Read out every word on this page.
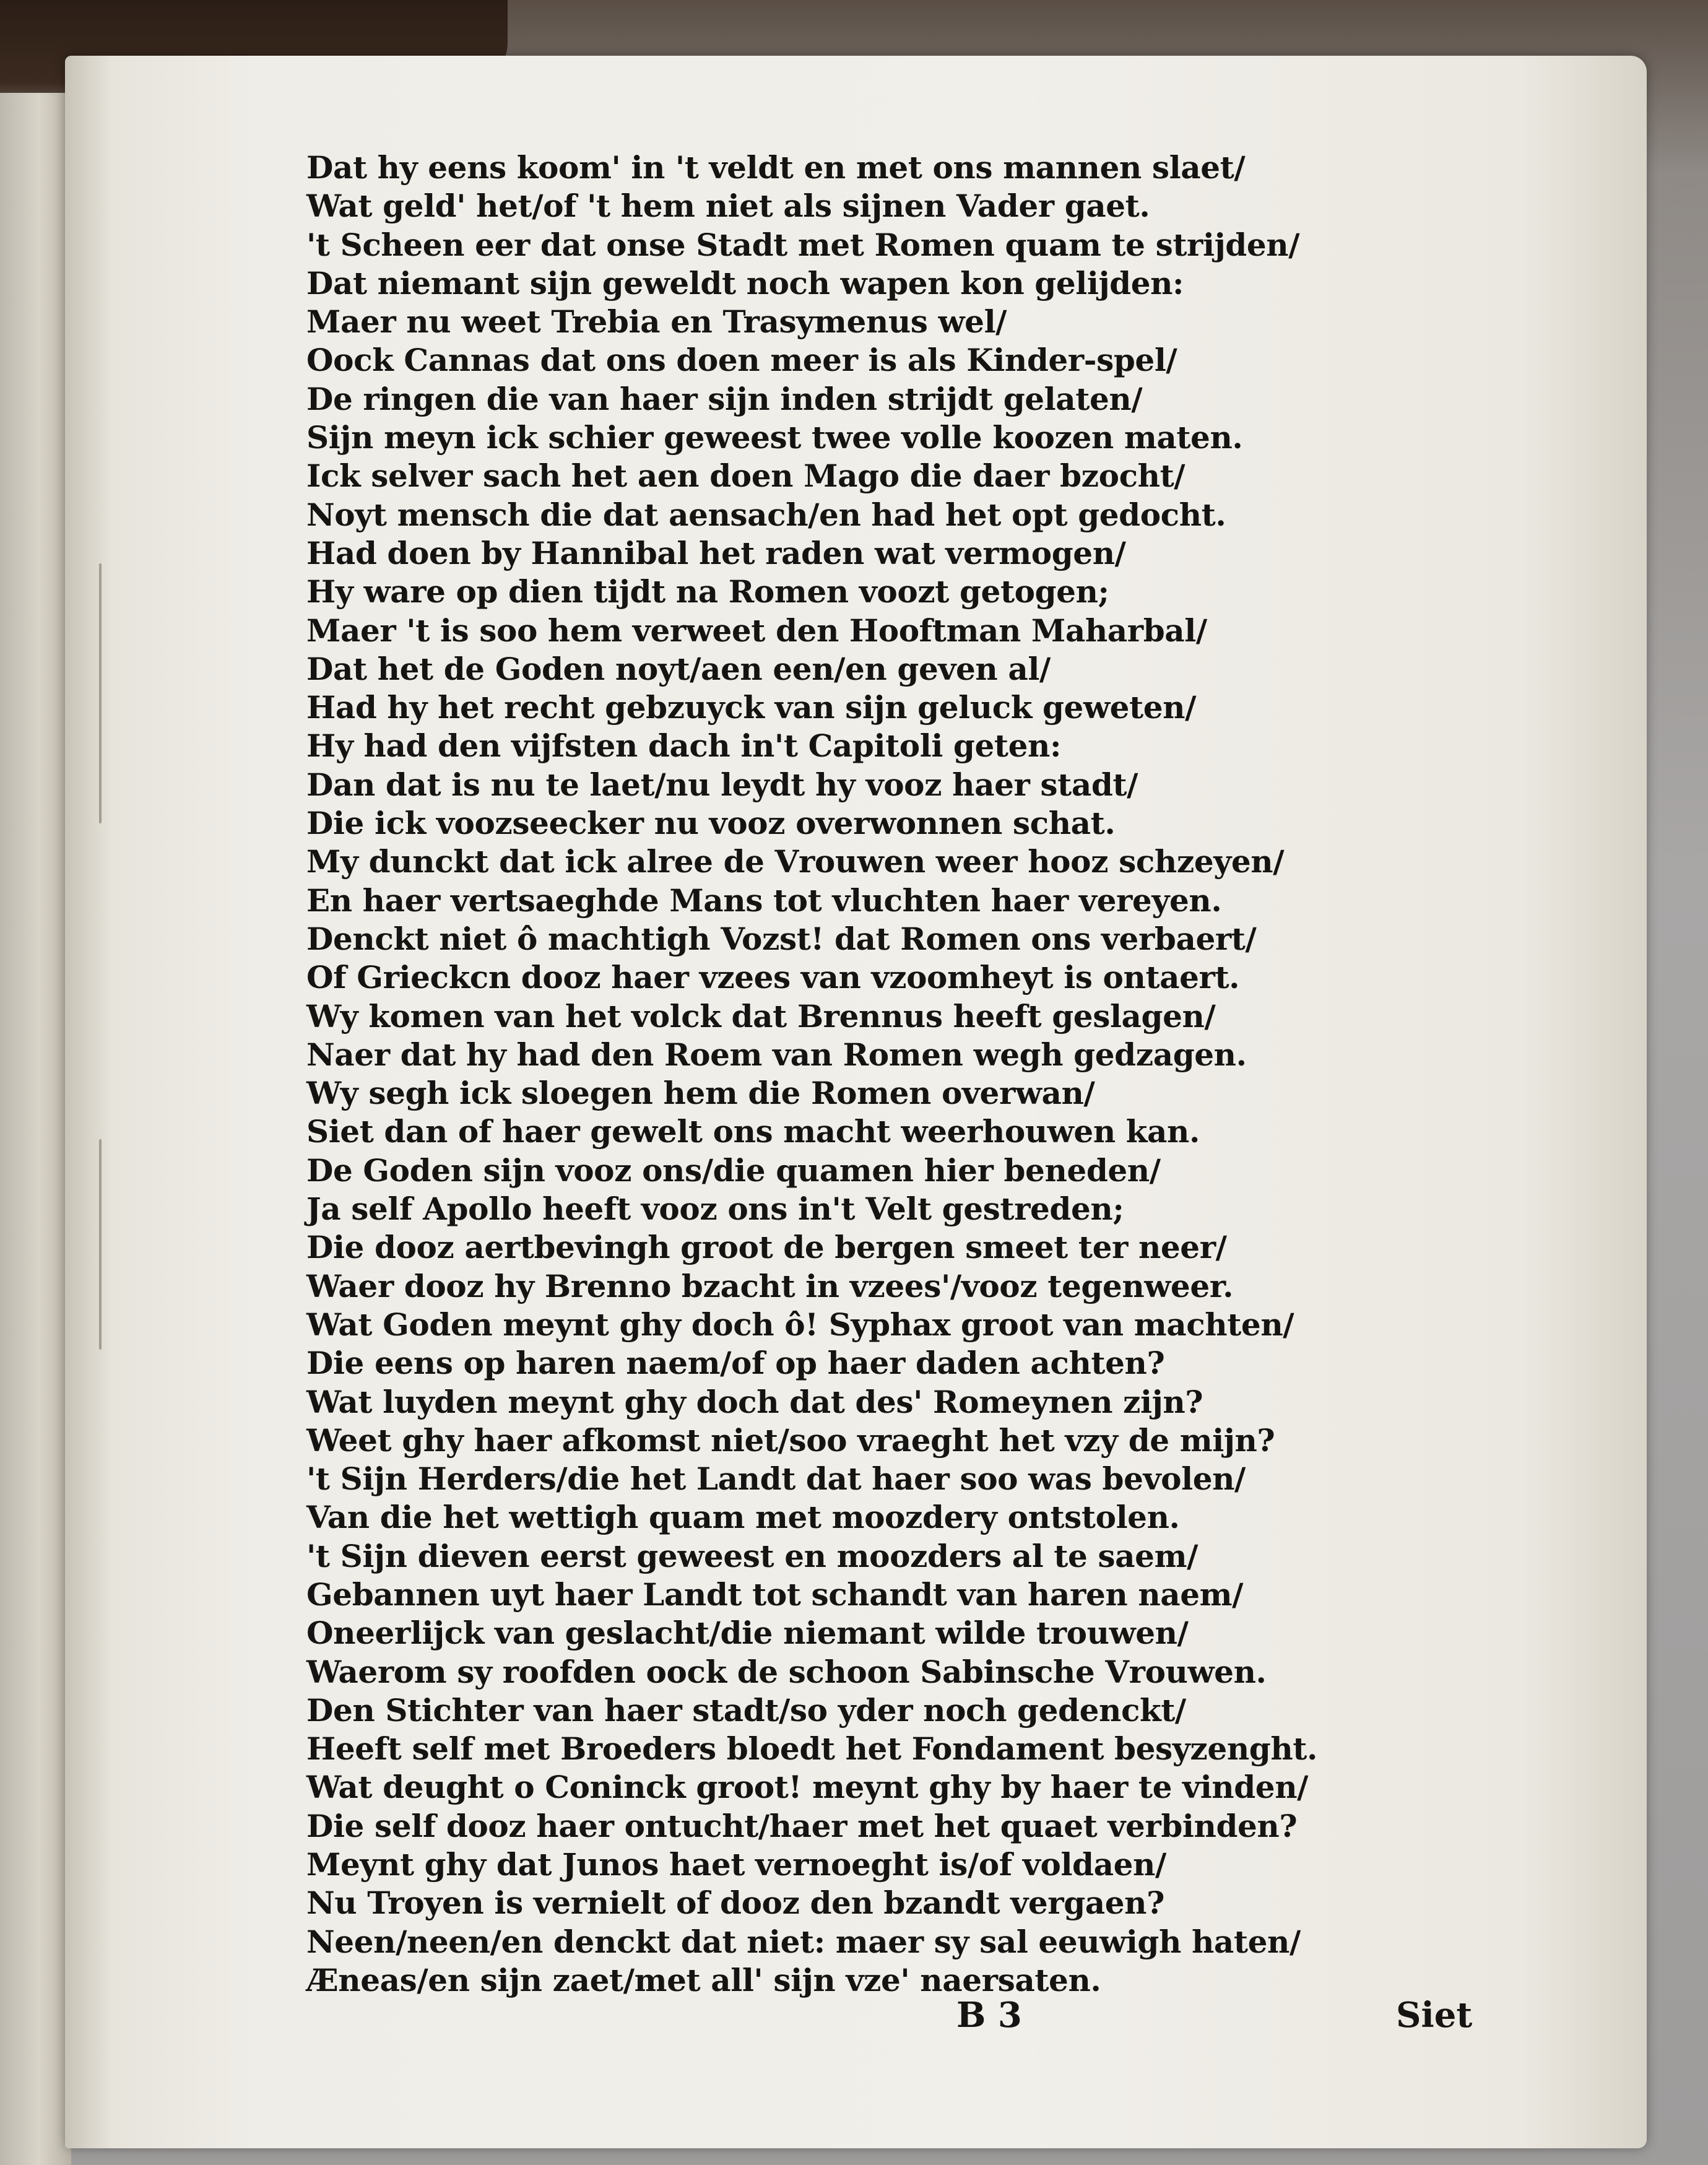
Dat hy eens koom' in 't veldt en met ons mannen slaet/
Wat geld' het/of 't hem niet als sijnen Vader gaet.
't Scheen eer dat onse Stadt met Romen quam te strijden/
Dat niemant sijn geweldt noch wapen kon gelijden:
Maer nu weet Trebia en Trasymenus wel/
Oock Cannas dat ons doen meer is als Kinder-spel/
De ringen die van haer sijn inden strijdt gelaten/
Sijn meyn ick schier geweest twee volle koozen maten.
Ick selver sach het aen doen Mago die daer bzocht/
Noyt mensch die dat aensach/en had het opt gedocht.
Had doen by Hannibal het raden wat vermogen/
Hy ware op dien tijdt na Romen voozt getogen;
Maer 't is soo hem verweet den Hooftman Maharbal/
Dat het de Goden noyt/aen een/en geven al/
Had hy het recht gebzuyck van sijn geluck geweten/
Hy had den vijfsten dach in't Capitoli geten:
Dan dat is nu te laet/nu leydt hy vooz haer stadt/
Die ick voozseecker nu vooz overwonnen schat.
My dunckt dat ick alree de Vrouwen weer hooz schzeyen/
En haer vertsaeghde Mans tot vluchten haer vereyen.
Denckt niet ô machtigh Vozst! dat Romen ons verbaert/
Of Grieckcn dooz haer vzees van vzoomheyt is ontaert.
Wy komen van het volck dat Brennus heeft geslagen/
Naer dat hy had den Roem van Romen wegh gedzagen.
Wy segh ick sloegen hem die Romen overwan/
Siet dan of haer gewelt ons macht weerhouwen kan.
De Goden sijn vooz ons/die quamen hier beneden/
Ja self Apollo heeft vooz ons in't Velt gestreden;
Die dooz aertbevingh groot de bergen smeet ter neer/
Waer dooz hy Brenno bzacht in vzees'/vooz tegenweer.
Wat Goden meynt ghy doch ô! Syphax groot van machten/
Die eens op haren naem/of op haer daden achten?
Wat luyden meynt ghy doch dat des' Romeynen zijn?
Weet ghy haer afkomst niet/soo vraeght het vzy de mijn?
't Sijn Herders/die het Landt dat haer soo was bevolen/
Van die het wettigh quam met moozdery ontstolen.
't Sijn dieven eerst geweest en moozders al te saem/
Gebannen uyt haer Landt tot schandt van haren naem/
Oneerlijck van geslacht/die niemant wilde trouwen/
Waerom sy roofden oock de schoon Sabinsche Vrouwen.
Den Stichter van haer stadt/so yder noch gedenckt/
Heeft self met Broeders bloedt het Fondament besyzenght.
Wat deught o Coninck groot! meynt ghy by haer te vinden/
Die self dooz haer ontucht/haer met het quaet verbinden?
Meynt ghy dat Junos haet vernoeght is/of voldaen/
Nu Troyen is vernielt of dooz den bzandt vergaen?
Neen/neen/en denckt dat niet: maer sy sal eeuwigh haten/
Æneas/en sijn zaet/met all' sijn vze' naersaten.
B 3	Siet
